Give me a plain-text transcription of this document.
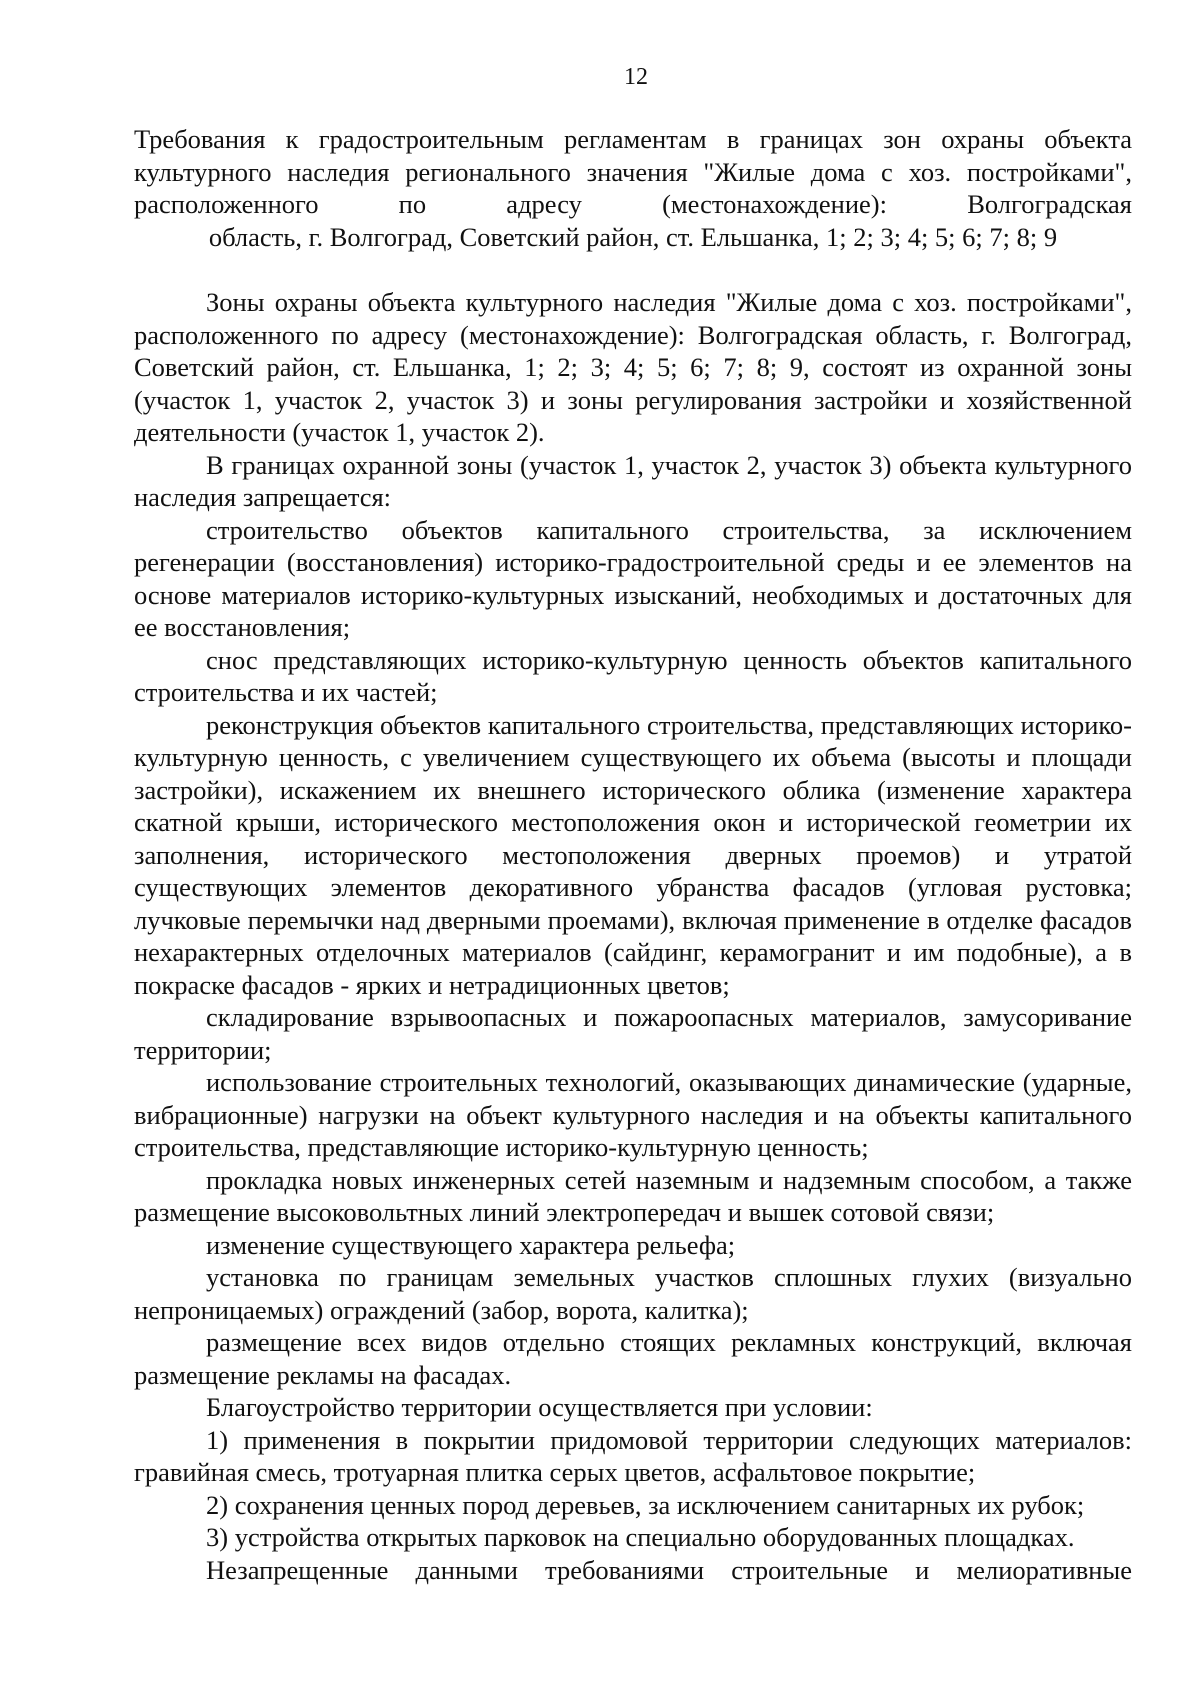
12

Требования к градостроительным регламентам в границах зон охраны объекта

культурного наследия регионального значения "Жилые дома с хоз. постройками",

расположенного по адресу (местонахождение): Волгоградская

область, г. Волгоград, Советский район, ст. Ельшанка, 1; 2; 3; 4; 5; 6; 7; 8; 9

Зоны охраны объекта культурного наследия "Жилые дома с хоз. постройками", расположенного по адресу (местонахождение): Волгоградская область, г. Волгоград, Советский район, ст. Ельшанка, 1; 2; 3; 4; 5; 6; 7; 8; 9, состоят из охранной зоны (участок 1, участок 2, участок 3) и зоны регулирования застройки и хозяйственной деятельности (участок 1, участок 2).

В границах охранной зоны (участок 1, участок 2, участок 3) объекта культурного наследия запрещается:

строительство объектов капитального строительства, за исключением регенерации (восстановления) историко-градостроительной среды и ее элементов на основе материалов историко-культурных изысканий, необходимых и достаточных для ее восстановления;

снос представляющих историко-культурную ценность объектов капитального строительства и их частей;

реконструкция объектов капитального строительства, представляющих историко-культурную ценность, с увеличением существующего их объема (высоты и площади застройки), искажением их внешнего исторического облика (изменение характера скатной крыши, исторического местоположения окон и исторической геометрии их заполнения, исторического местоположения дверных проемов) и утратой существующих элементов декоративного убранства фасадов (угловая рустовка; лучковые перемычки над дверными проемами), включая применение в отделке фасадов нехарактерных отделочных материалов (сайдинг, керамогранит и им подобные), а в покраске фасадов - ярких и нетрадиционных цветов;

складирование взрывоопасных и пожароопасных материалов, замусоривание территории;

использование строительных технологий, оказывающих динамические (ударные, вибрационные) нагрузки на объект культурного наследия и на объекты капитального строительства, представляющие историко-культурную ценность;

прокладка новых инженерных сетей наземным и надземным способом, а также размещение высоковольтных линий электропередач и вышек сотовой связи;

изменение существующего характера рельефа;

установка по границам земельных участков сплошных глухих (визуально непроницаемых) ограждений (забор, ворота, калитка);

размещение всех видов отдельно стоящих рекламных конструкций, включая размещение рекламы на фасадах.

Благоустройство территории осуществляется при условии:

1) применения в покрытии придомовой территории следующих материалов: гравийная смесь, тротуарная плитка серых цветов, асфальтовое покрытие;

2) сохранения ценных пород деревьев, за исключением санитарных их рубок;

3) устройства открытых парковок на специально оборудованных площадках.

Незапрещенные данными требованиями строительные и мелиоративные
